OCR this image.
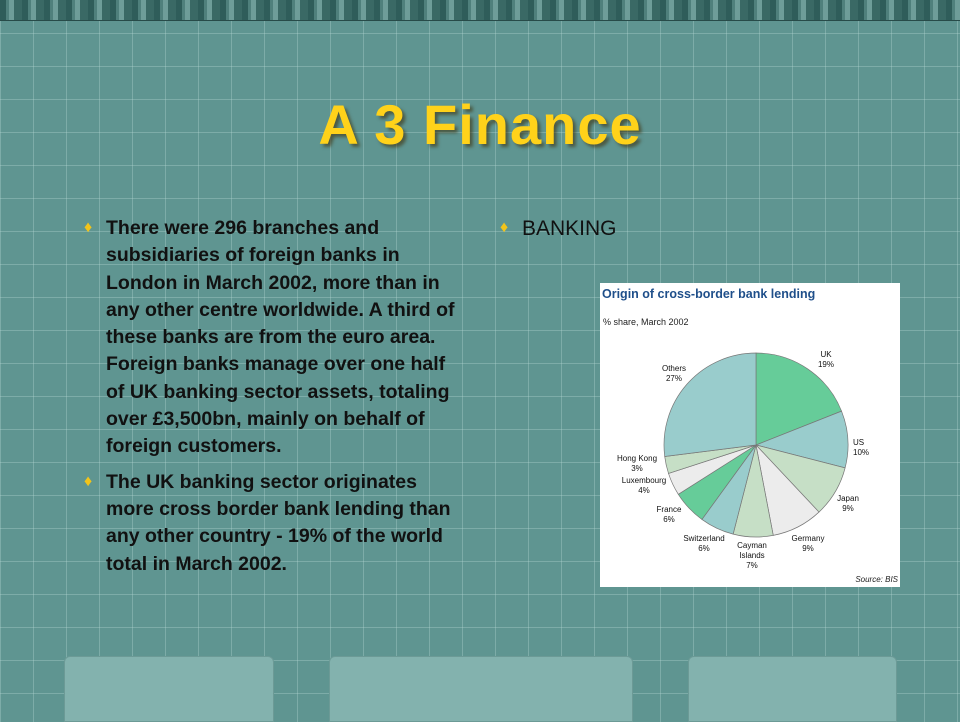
A 3 Finance
♦ There were 296 branches and subsidiaries of foreign banks in London in March 2002, more than in any other centre worldwide. A third of these banks are from the euro area. Foreign banks manage over one half of UK banking sector assets, totaling over £3,500bn, mainly on behalf of foreign customers.
♦ The UK banking sector originates more cross border bank lending than any other country - 19% of the world total in March 2002.
♦ BANKING
Origin of cross-border bank lending
% share, March 2002
Source: BIS
UK 19%
US 10%
Japan 9%
Germany 9%
Cayman Islands 7%
Switzerland 6%
France 6%
Luxembourg 4%
Hong Kong 3%
Others 27%
